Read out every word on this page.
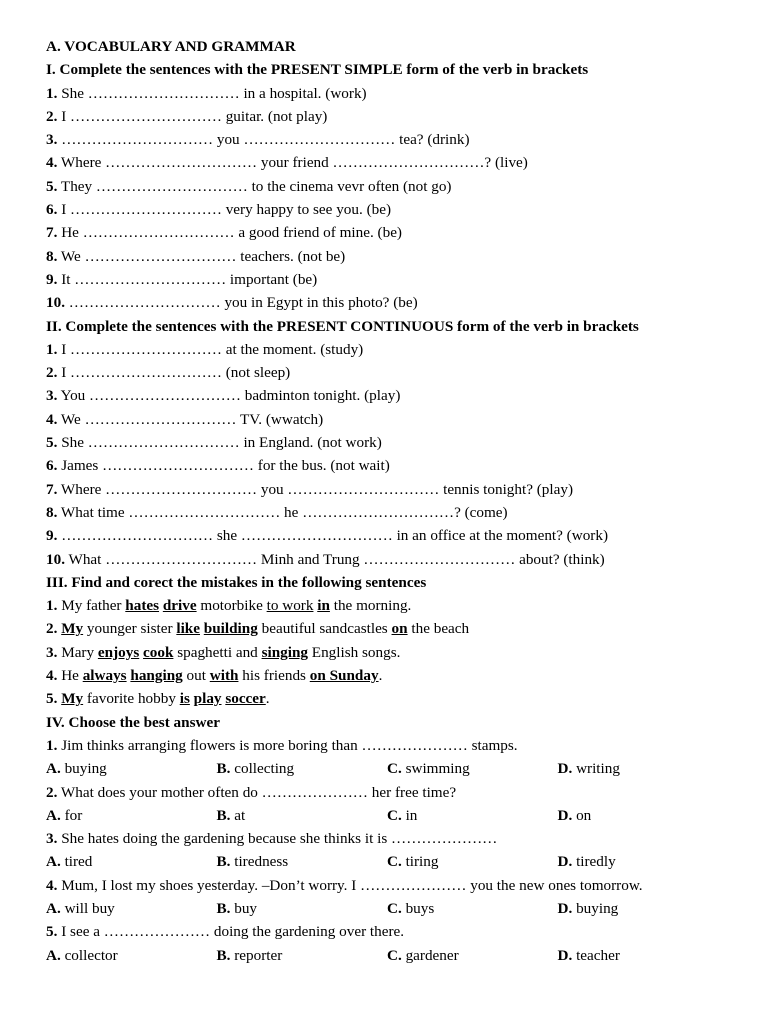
A. VOCABULARY AND GRAMMAR
I. Complete the sentences with the PRESENT SIMPLE form of the verb in brackets
1. She ………………………… in a hospital. (work)
2. I ………………………… guitar. (not play)
3. ………………………… you ………………………… tea? (drink)
4. Where ………………………… your friend …………………………? (live)
5. They ………………………… to the cinema vevr often (not go)
6. I ………………………… very happy to see you. (be)
7. He ………………………… a good friend of mine. (be)
8. We ………………………… teachers. (not be)
9. It ………………………… important (be)
10. ………………………… you in Egypt in this photo? (be)
II. Complete the sentences with the PRESENT CONTINUOUS form of the verb in brackets
1. I ………………………… at the moment. (study)
2. I ………………………… (not sleep)
3. You ………………………… badminton tonight. (play)
4. We ………………………… TV. (wwatch)
5. She ………………………… in England. (not work)
6. James ………………………… for the bus. (not wait)
7. Where ………………………… you ………………………… tennis tonight? (play)
8. What time ………………………… he …………………………? (come)
9. ………………………… she ………………………… in an office at the moment? (work)
10. What ………………………… Minh and Trung ………………………… about? (think)
III. Find and corect the mistakes in the following sentences
1. My father hates drive motorbike to work in the morning.
2. My younger sister like building beautiful sandcastles on the beach
3. Mary enjoys cook spaghetti and singing English songs.
4. He always hanging out with his friends on Sunday.
5. My favorite hobby is play soccer.
IV. Choose the best answer
1. Jim thinks arranging flowers is more boring than ………………… stamps.
A. buying	B. collecting	C. swimming	D. writing
2. What does your mother often do ………………… her free time?
A. for	B. at	C. in	D. on
3. She hates doing the gardening because she thinks it is …………………
A. tired	B. tiredness	C. tiring	D. tiredly
4. Mum, I lost my shoes yesterday. –Don’t worry. I ………………… you the new ones tomorrow.
A. will buy	B. buy	C. buys	D. buying
5. I see a ………………… doing the gardening over there.
A. collector	B. reporter	C. gardener	D. teacher
